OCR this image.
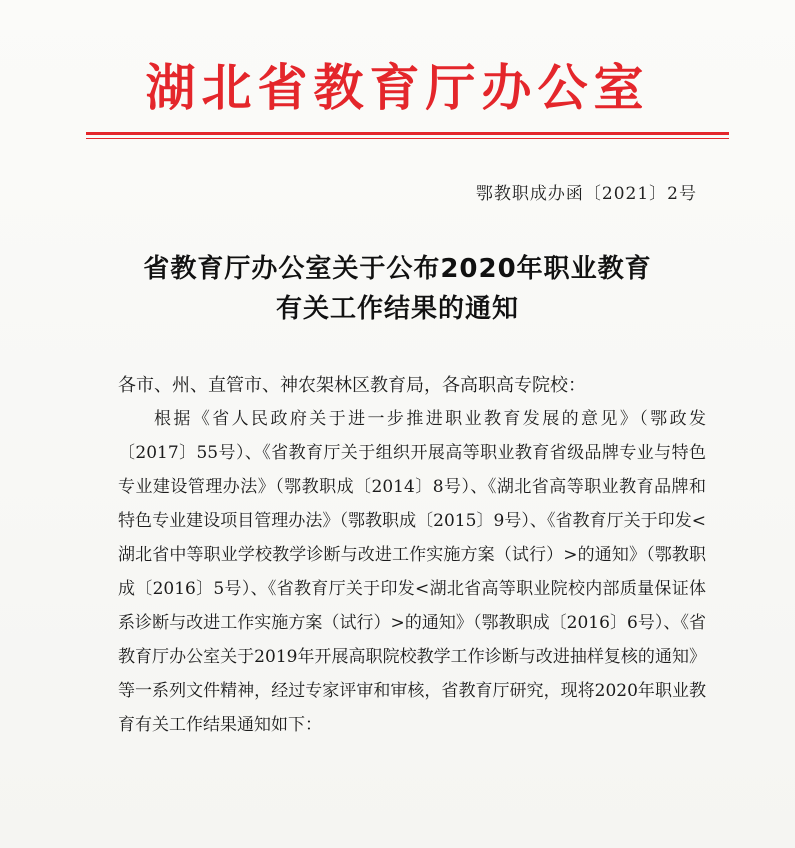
湖北省教育厅办公室
鄂教职成办函〔2021〕2号
省教育厅办公室关于公布2020年职业教育
有关工作结果的通知
各市、州、直管市、神农架林区教育局，各高职高专院校：
根据《省人民政府关于进一步推进职业教育发展的意见》（鄂政发〔2017〕55号）、《省教育厅关于组织开展高等职业教育省级品牌专业与特色专业建设管理办法》（鄂教职成〔2014〕8号）、《湖北省高等职业教育品牌和特色专业建设项目管理办法》（鄂教职成〔2015〕9号）、《省教育厅关于印发<湖北省中等职业学校教学诊断与改进工作实施方案（试行）>的通知》（鄂教职成〔2016〕5号）、《省教育厅关于印发<湖北省高等职业院校内部质量保证体系诊断与改进工作实施方案（试行）>的通知》（鄂教职成〔2016〕6号）、《省教育厅办公室关于2019年开展高职院校教学工作诊断与改进抽样复核的通知》等一系列文件精神，经过专家评审和审核，省教育厅研究，现将2020年职业教育有关工作结果通知如下：
